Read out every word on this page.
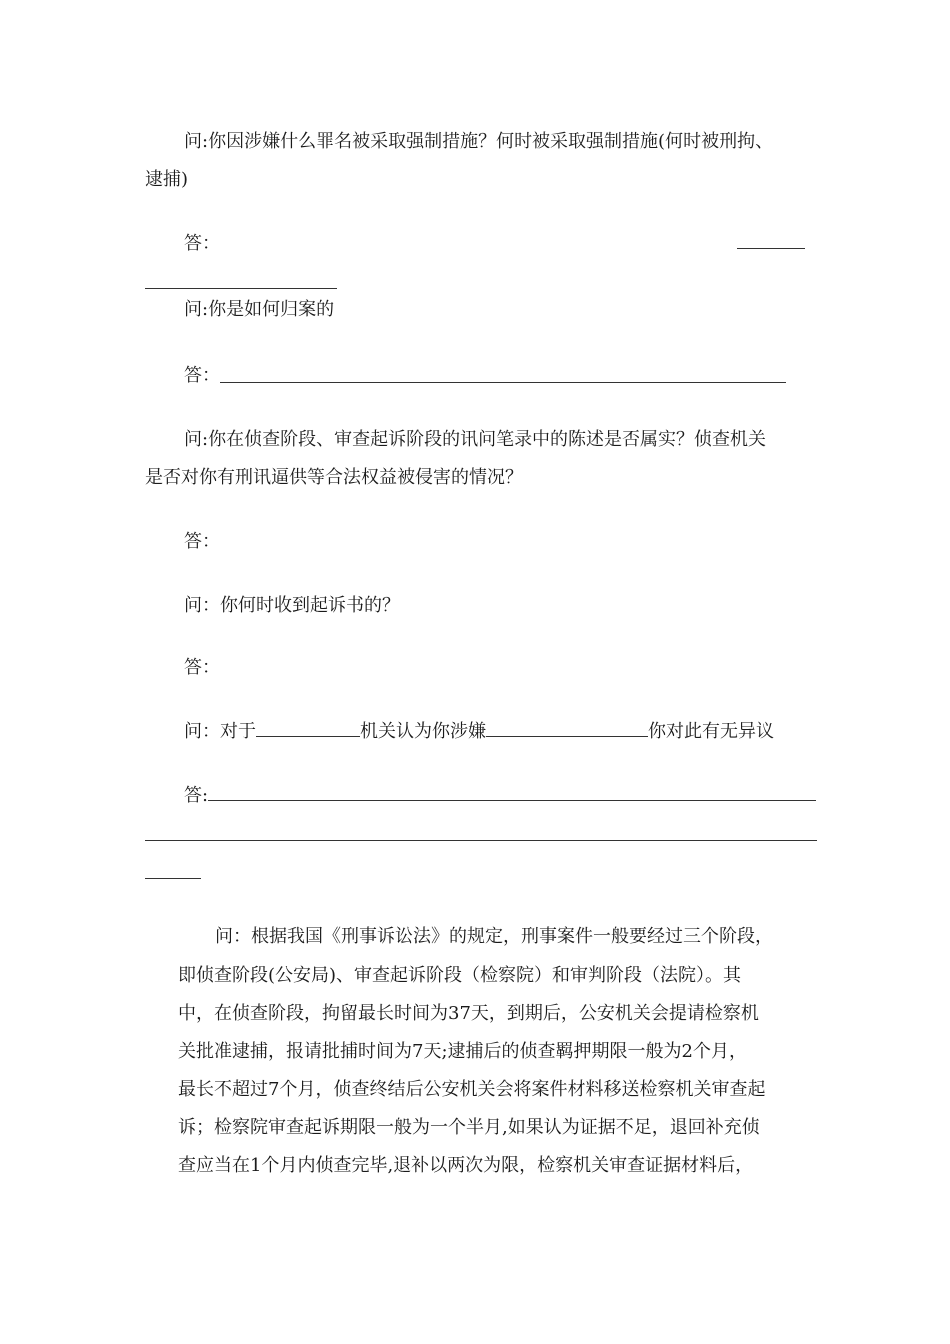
问:你因涉嫌什么罪名被采取强制措施？何时被采取强制措施(何时被刑拘、
逮捕)
答：
问:你是如何归案的
答：
问:你在侦查阶段、审查起诉阶段的讯问笔录中的陈述是否属实？侦查机关
是否对你有刑讯逼供等合法权益被侵害的情况？
答：
问：你何时收到起诉书的？
答：
问：对于	机关认为你涉嫌	你对此有无异议
答:
问：根据我国《刑事诉讼法》的规定，刑事案件一般要经过三个阶段，
即侦查阶段(公安局)、审查起诉阶段（检察院）和审判阶段（法院）。其
中，在侦查阶段，拘留最长时间为37天，到期后，公安机关会提请检察机
关批准逮捕，报请批捕时间为7天;逮捕后的侦查羁押期限一般为2个月，
最长不超过7个月，侦查终结后公安机关会将案件材料移送检察机关审查起
诉；检察院审查起诉期限一般为一个半月,如果认为证据不足，退回补充侦
查应当在1个月内侦查完毕,退补以两次为限，检察机关审查证据材料后，
